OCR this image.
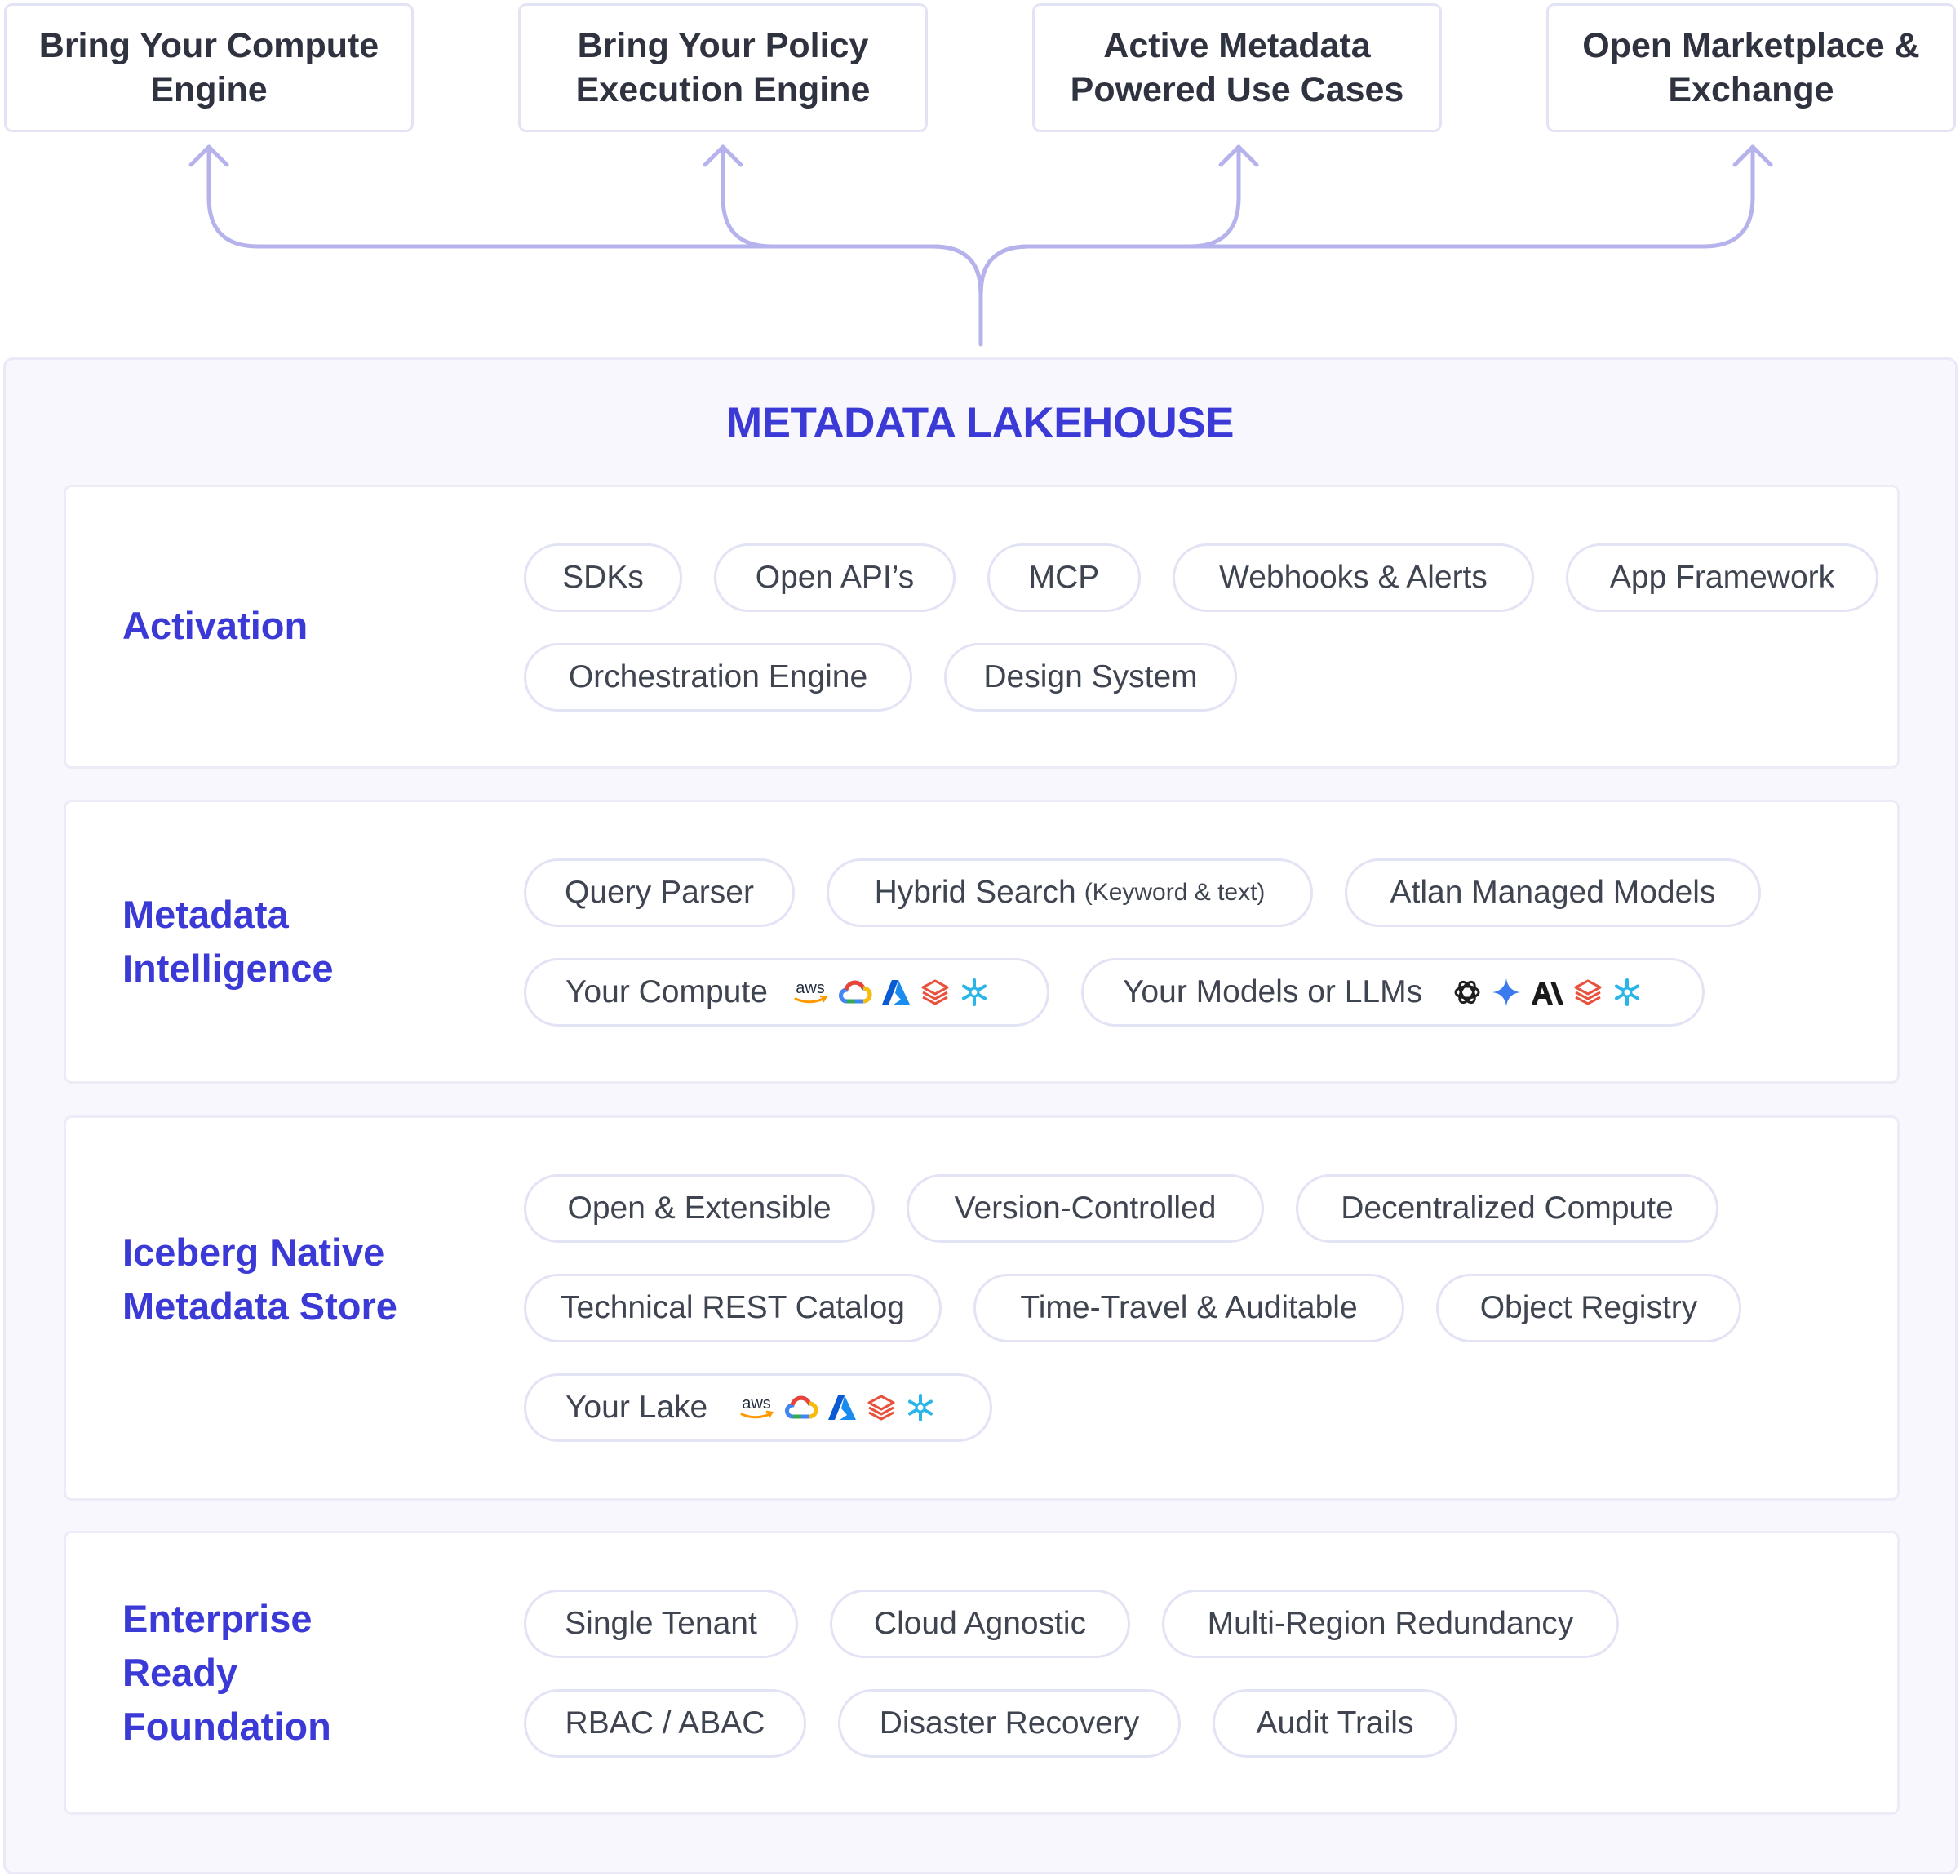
Bring Your Compute Engine
Bring Your Policy Execution Engine
Active Metadata Powered Use Cases
Open Marketplace & Exchange
METADATA LAKEHOUSE
Activation
SDKs	Open API’s	MCP	Webhooks & Alerts	App Framework
Orchestration Engine	Design System
Metadata Intelligence
Query Parser	Hybrid Search (Keyword & text)	Atlan Managed Models
Your Compute aws	Your Models or LLMs
Iceberg Native Metadata Store
Open & Extensible	Version-Controlled	Decentralized Compute
Technical REST Catalog	Time-Travel & Auditable	Object Registry
Your Lake aws
Enterprise Ready Foundation
Single Tenant	Cloud Agnostic	Multi-Region Redundancy
RBAC / ABAC	Disaster Recovery	Audit Trails
